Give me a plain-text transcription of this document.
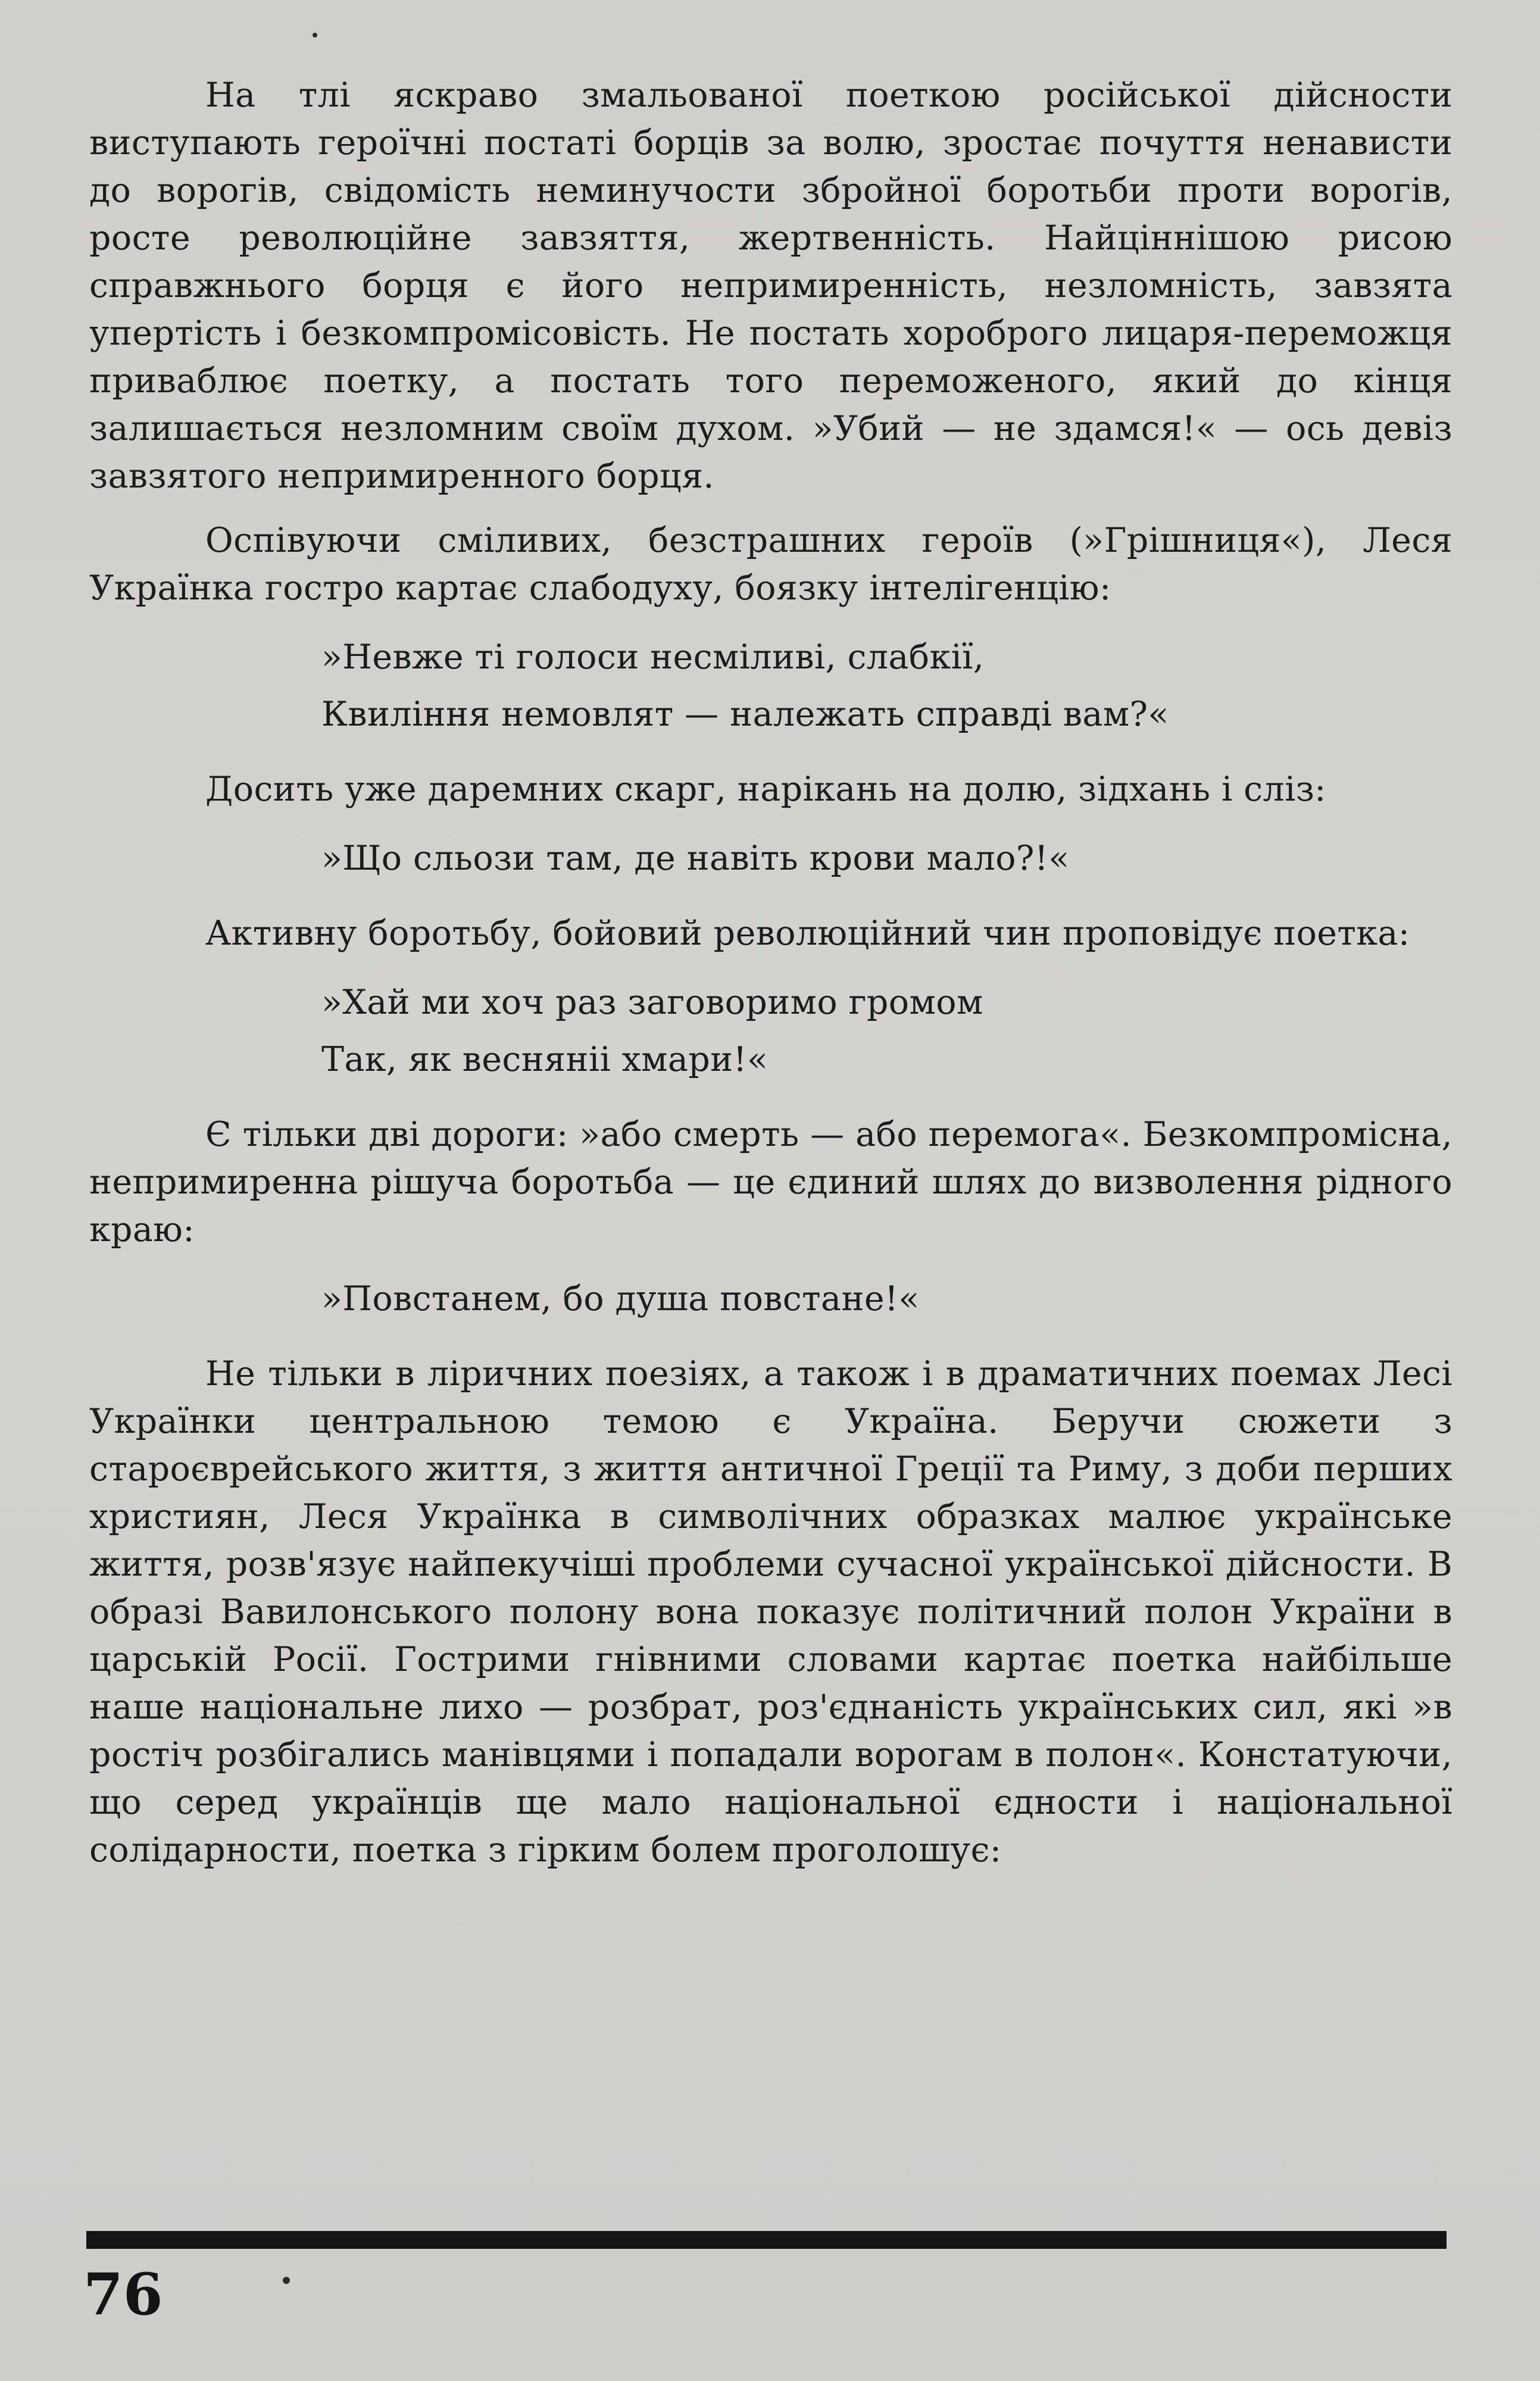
На тлі яскраво змальованої поеткою російської дійсности виступають героїчні постаті борців за волю, зростає почуття ненависти до ворогів, свідомість неминучости збройної боротьби проти ворогів, росте революційне завзяття, жертвенність. Найціннішою рисою справжнього борця є його непримиренність, незломність, завзята упертість і безкомпромісовість. Не постать хороброго лицаря-переможця приваблює поетку, а постать того переможеного, який до кінця залишається незломним своїм духом. »Убий — не здамся!« — ось девіз завзятого непримиренного борця.

Оспівуючи сміливих, безстрашних героїв (»Грішниця«), Леся Українка гостро картає слабодуху, боязку інтелігенцію:

»Невже ті голоси несміливі, слабкії,
Квиління немовлят — належать справді вам?«

Досить уже даремних скарг, нарікань на долю, зідхань і сліз:

»Що сльози там, де навіть крови мало?!«

Активну боротьбу, бойовий революційний чин проповідує поетка:

»Хай ми хоч раз заговоримо громом
Так, як весняніі хмари!«

Є тільки дві дороги: »або смерть — або перемога«. Безкомпромісна, непримиренна рішуча боротьба — це єдиний шлях до визволення рідного краю:

»Повстанем, бо душа повстане!«

Не тільки в ліричних поезіях, а також і в драматичних поемах Лесі Українки центральною темою є Україна. Беручи сюжети з староєврейського життя, з життя античної Греції та Риму, з доби перших християн, Леся Українка в символічних образках малює українське життя, розв'язує найпекучіші проблеми сучасної української дійсности. В образі Вавилонського полону вона показує політичний полон України в царській Росії. Гострими гнівними словами картає поетка найбільше наше національне лихо — розбрат, роз'єднаність українських сил, які »в ростіч розбігались манівцями і попадали ворогам в полон«. Констатуючи, що серед українців ще мало національної єдности і національної солідарности, поетка з гірким болем проголошує:

76
